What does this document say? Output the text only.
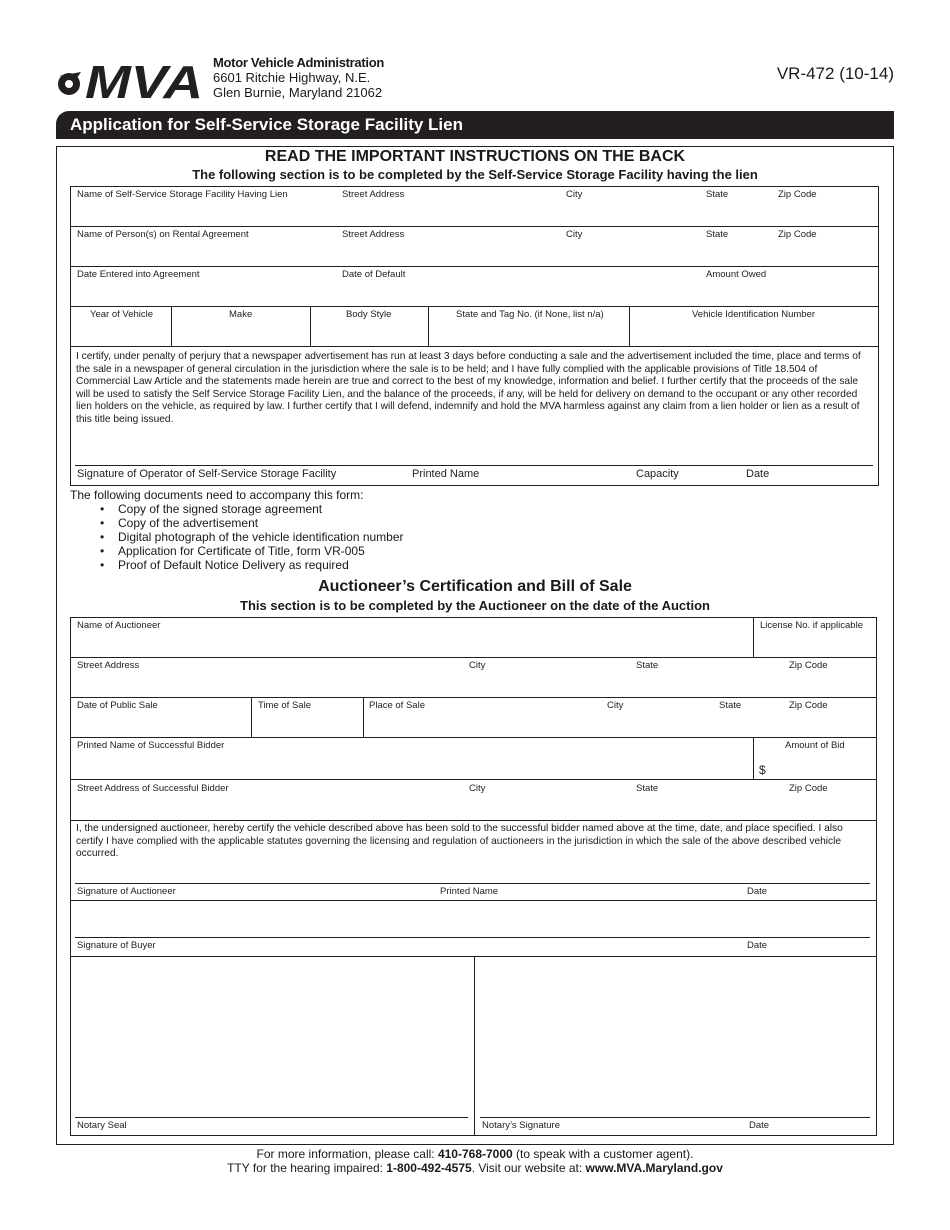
MVA Motor Vehicle Administration
6601 Ritchie Highway, N.E.
Glen Burnie, Maryland 21062
VR-472 (10-14)
Application for Self-Service Storage Facility Lien
READ THE IMPORTANT INSTRUCTIONS ON THE BACK
The following section is to be completed by the Self-Service Storage Facility having the lien
Name of Self-Service Storage Facility Having Lien	Street Address	City	State	Zip Code
Name of Person(s) on Rental Agreement	Street Address	City	State	Zip Code
Date Entered into Agreement	Date of Default	Amount Owed
Year of Vehicle	Make	Body Style	State and Tag No. (if None, list n/a)	Vehicle Identification Number
I certify, under penalty of perjury that a newspaper advertisement has run at least 3 days before conducting a sale and the advertisement included the time, place and terms of the sale in a newspaper of general circulation in the jurisdiction where the sale is to be held; and I have fully complied with the applicable provisions of Title 18.504 of Commercial Law Article and the statements made herein are true and correct to the best of my knowledge, information and belief. I further certify that the proceeds of the sale will be used to satisfy the Self Service Storage Facility Lien, and the balance of the proceeds, if any, will be held for delivery on demand to the occupant or any other recorded lien holders on the vehicle, as required by law. I further certify that I will defend, indemnify and hold the MVA harmless against any claim from a lien holder or lien as a result of this title being issued.
Signature of Operator of Self-Service Storage Facility	Printed Name	Capacity	Date
The following documents need to accompany this form:
• Copy of the signed storage agreement
• Copy of the advertisement
• Digital photograph of the vehicle identification number
• Application for Certificate of Title, form VR-005
• Proof of Default Notice Delivery as required
Auctioneer’s Certification and Bill of Sale
This section is to be completed by the Auctioneer on the date of the Auction
Name of Auctioneer	License No. if applicable
Street Address	City	State	Zip Code
Date of Public Sale	Time of Sale	Place of Sale	City	State	Zip Code
Printed Name of Successful Bidder	Amount of Bid
$
Street Address of Successful Bidder	City	State	Zip Code
I, the undersigned auctioneer, hereby certify the vehicle described above has been sold to the successful bidder named above at the time, date, and place specified. I also certify I have complied with the applicable statutes governing the licensing and regulation of auctioneers in the jurisdiction in which the sale of the above described vehicle occurred.
Signature of Auctioneer	Printed Name	Date
Signature of Buyer	Date
Notary Seal	Notary’s Signature	Date
For more information, please call: 410-768-7000 (to speak with a customer agent).
TTY for the hearing impaired: 1-800-492-4575. Visit our website at: www.MVA.Maryland.gov
